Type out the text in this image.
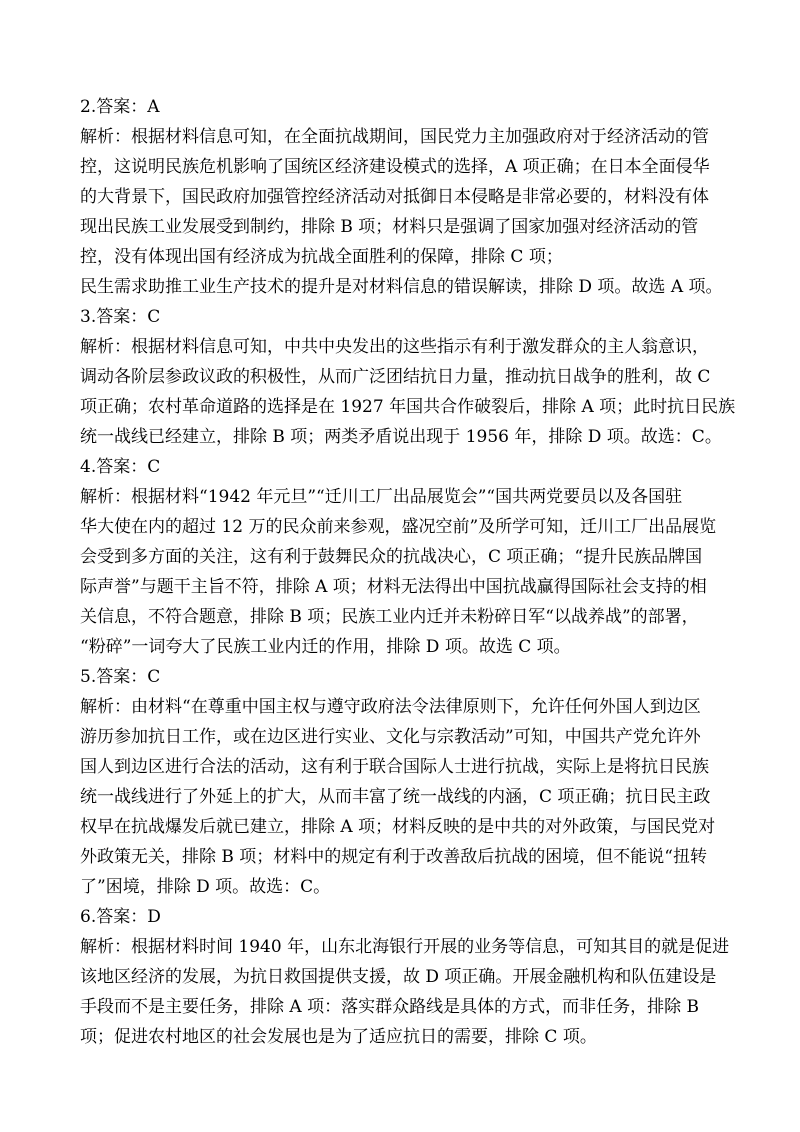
2.答案：A

解析：根据材料信息可知，在全面抗战期间，国民党力主加强政府对于经济活动的管
控，这说明民族危机影响了国统区经济建设模式的选择，A 项正确；在日本全面侵华
的大背景下，国民政府加强管控经济活动对抵御日本侵略是非常必要的，材料没有体
现出民族工业发展受到制约，排除 B 项；材料只是强调了国家加强对经济活动的管
控，没有体现出国有经济成为抗战全面胜利的保障，排除 C 项；
民生需求助推工业生产技术的提升是对材料信息的错误解读，排除 D 项。故选 A 项。

3.答案：C

解析：根据材料信息可知，中共中央发出的这些指示有利于激发群众的主人翁意识，
调动各阶层参政议政的积极性，从而广泛团结抗日力量，推动抗日战争的胜利，故 C
项正确；农村革命道路的选择是在 1927 年国共合作破裂后，排除 A 项；此时抗日民族
统一战线已经建立，排除 B 项；两类矛盾说出现于 1956 年，排除 D 项。故选：C。

4.答案：C

解析：根据材料“1942 年元旦”“迁川工厂出品展览会”“国共两党要员以及各国驻
华大使在内的超过 12 万的民众前来参观，盛况空前”及所学可知，迁川工厂出品展览
会受到多方面的关注，这有利于鼓舞民众的抗战决心，C 项正确；“提升民族品牌国
际声誉”与题干主旨不符，排除 A 项；材料无法得出中国抗战赢得国际社会支持的相
关信息，不符合题意，排除 B 项；民族工业内迁并未粉碎日军“以战养战”的部署，
“粉碎”一词夸大了民族工业内迁的作用，排除 D 项。故选 C 项。

5.答案：C

解析：由材料“在尊重中国主权与遵守政府法令法律原则下，允许任何外国人到边区
游历参加抗日工作，或在边区进行实业、文化与宗教活动”可知，中国共产党允许外
国人到边区进行合法的活动，这有利于联合国际人士进行抗战，实际上是将抗日民族
统一战线进行了外延上的扩大，从而丰富了统一战线的内涵，C 项正确；抗日民主政
权早在抗战爆发后就已建立，排除 A 项；材料反映的是中共的对外政策，与国民党对
外政策无关，排除 B 项；材料中的规定有利于改善敌后抗战的困境，但不能说“扭转
了”困境，排除 D 项。故选：C。

6.答案：D

解析：根据材料时间 1940 年，山东北海银行开展的业务等信息，可知其目的就是促进
该地区经济的发展，为抗日救国提供支援，故 D 项正确。开展金融机构和队伍建设是
手段而不是主要任务，排除 A 项：落实群众路线是具体的方式，而非任务，排除 B
项；促进农村地区的社会发展也是为了适应抗日的需要，排除 C 项。
